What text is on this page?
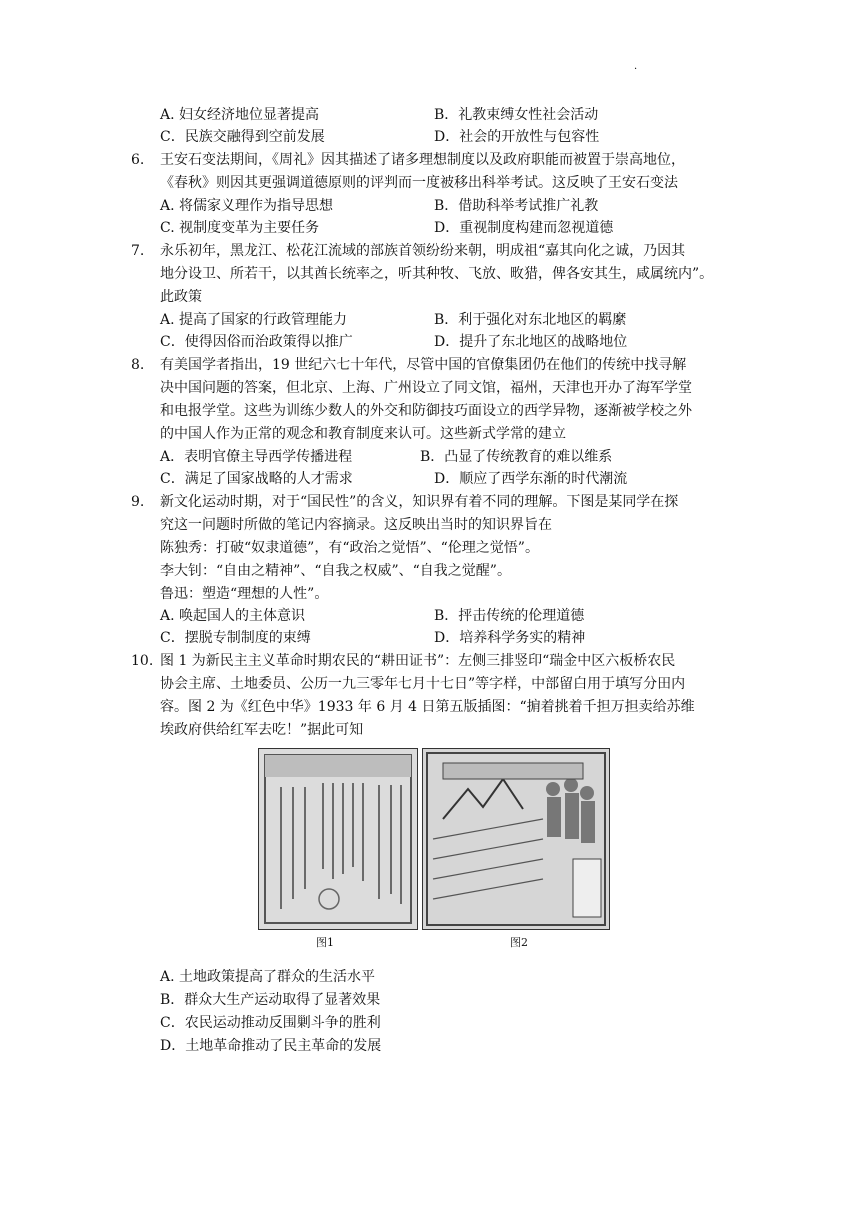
·
A. 妇女经济地位显著提高	B．礼教束缚女性社会活动
C．民族交融得到空前发展	D．社会的开放性与包容性
6.	王安石变法期间，《周礼》因其描述了诸多理想制度以及政府职能而被置于崇高地位，
《春秋》则因其更强调道德原则的评判而一度被移出科举考试。这反映了王安石变法
A. 将儒家义理作为指导思想	B．借助科举考试推广礼教
C. 视制度变革为主要任务	D．重视制度构建而忽视道德
7.	永乐初年，黑龙江、松花江流域的部族首领纷纷来朝，明成祖“嘉其向化之诚，乃因其
地分设卫、所若干，以其酋长统率之，听其种牧、飞放、畋猎，俾各安其生，咸属统内”。
此政策
A. 提高了国家的行政管理能力	B．利于强化对东北地区的羁縻
C．使得因俗而治政策得以推广	D．提升了东北地区的战略地位
8.	有美国学者指出，19 世纪六七十年代，尽管中国的官僚集团仍在他们的传统中找寻解
决中国问题的答案，但北京、上海、广州设立了同文馆，福州，天津也开办了海军学堂
和电报学堂。这些为训练少数人的外交和防御技巧面设立的西学异物，逐渐被学校之外
的中国人作为正常的观念和教育制度来认可。这些新式学常的建立
A．表明官僚主导西学传播进程	B．凸显了传统教育的难以维系
C．满足了国家战略的人才需求	D．顺应了西学东渐的时代潮流
9.	新文化运动时期，对于“国民性”的含义，知识界有着不同的理解。下图是某同学在探
究这一问题时所做的笔记内容摘录。这反映出当时的知识界旨在
陈独秀：打破“奴隶道德”，有“政治之觉悟”、“伦理之觉悟”。
李大钊：“自由之精神”、“自我之权威”、“自我之觉醒”。
鲁迅：塑造“理想的人性”。
A. 唤起国人的主体意识	B．抨击传统的伦理道德
C．摆脱专制制度的束缚	D．培养科学务实的精神
10. 图 1 为新民主主义革命时期农民的“耕田证书”：左侧三排竖印“瑞金中区六板桥农民
协会主席、土地委员、公历一九三零年七月十七日”等字样，中部留白用于填写分田内
容。图 2 为《红色中华》1933 年 6 月 4 日第五版插图：“掮着挑着千担万担卖给苏维
埃政府供给红军去吃！”据此可知
图1	图2
A. 土地政策提高了群众的生活水平
B．群众大生产运动取得了显著效果
C．农民运动推动反围剿斗争的胜利
D．土地革命推动了民主革命的发展
